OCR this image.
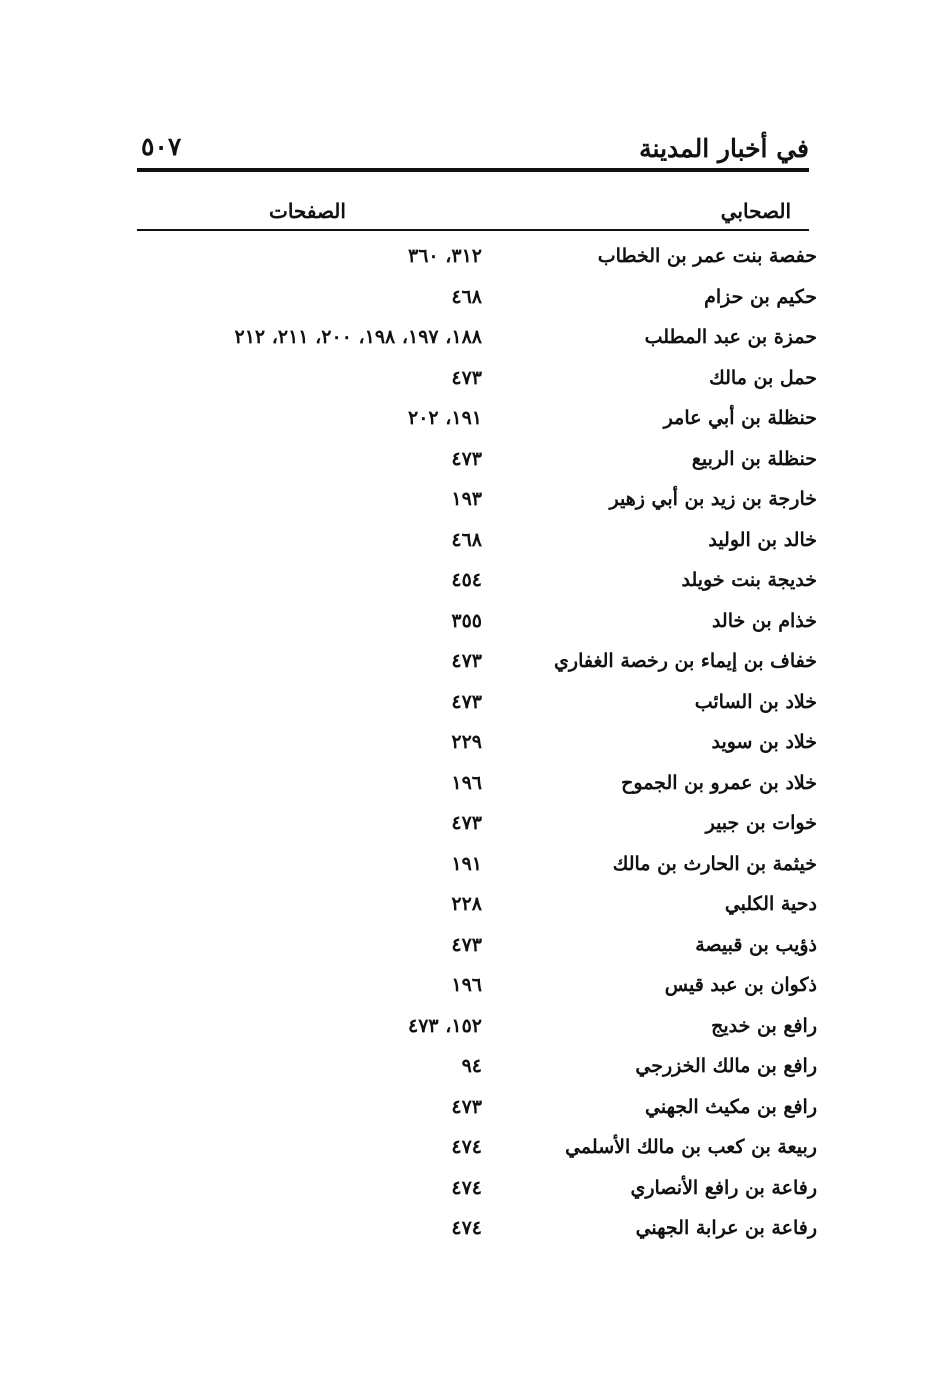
في أخبار المدينة
٥٠٧
الصحابي
الصفحات
حفصة بنت عمر بن الخطاب
٣١٢، ٣٦٠
حكيم بن حزام
٤٦٨
حمزة بن عبد المطلب
١٨٨، ١٩٧، ١٩٨، ٢٠٠، ٢١١، ٢١٢
حمل بن مالك
٤٧٣
حنظلة بن أبي عامر
١٩١، ٢٠٢
حنظلة بن الربيع
٤٧٣
خارجة بن زيد بن أبي زهير
١٩٣
خالد بن الوليد
٤٦٨
خديجة بنت خويلد
٤٥٤
خذام بن خالد
٣٥٥
خفاف بن إيماء بن رخصة الغفاري
٤٧٣
خلاد بن السائب
٤٧٣
خلاد بن سويد
٢٢٩
خلاد بن عمرو بن الجموح
١٩٦
خوات بن جبير
٤٧٣
خيثمة بن الحارث بن مالك
١٩١
دحية الكلبي
٢٢٨
ذؤيب بن قبيصة
٤٧٣
ذكوان بن عبد قيس
١٩٦
رافع بن خديج
١٥٢، ٤٧٣
رافع بن مالك الخزرجي
٩٤
رافع بن مكيث الجهني
٤٧٣
ربيعة بن كعب بن مالك الأسلمي
٤٧٤
رفاعة بن رافع الأنصاري
٤٧٤
رفاعة بن عرابة الجهني
٤٧٤
